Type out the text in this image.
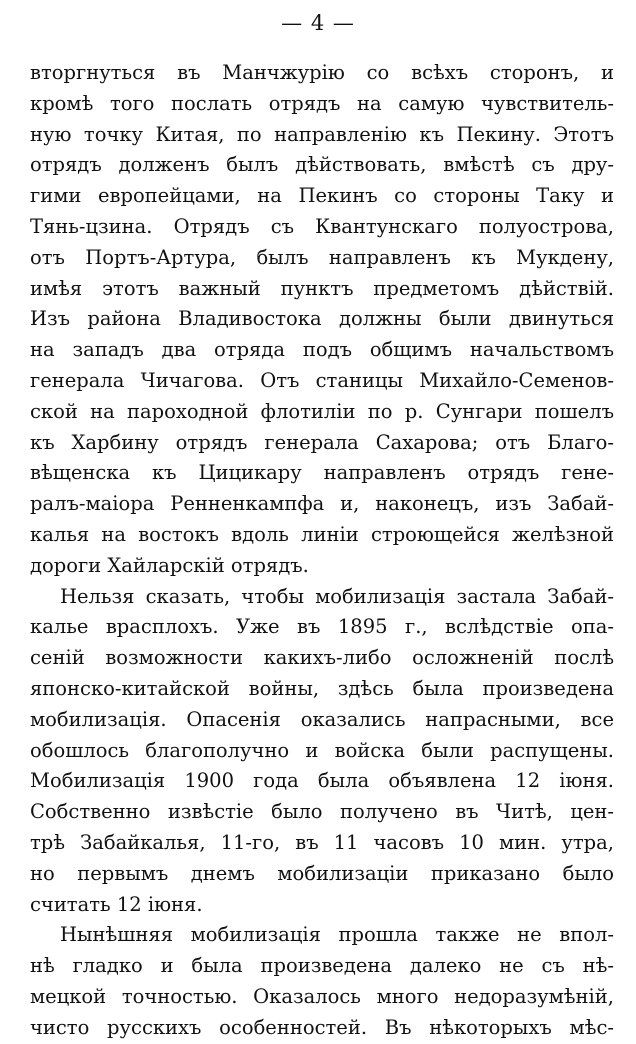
— 4 —
вторгнуться въ Манчжурію со всѣхъ сторонъ, и
кромѣ того послать отрядъ на самую чувствитель-
ную точку Китая, по направленію къ Пекину. Этотъ
отрядъ долженъ былъ дѣйствовать, вмѣстѣ съ дру-
гими европейцами, на Пекинъ со стороны Таку и
Тянь-цзина. Отрядъ съ Квантунскаго полуострова,
отъ Портъ-Артура, былъ направленъ къ Мукдену,
имѣя этотъ важный пунктъ предметомъ дѣйствій.
Изъ района Владивостока должны были двинуться
на западъ два отряда подъ общимъ начальствомъ
генерала Чичагова. Отъ станицы Михайло-Семенов-
ской на пароходной флотиліи по р. Сунгари пошелъ
къ Харбину отрядъ генерала Сахарова; отъ Благо-
вѣщенска къ Цицикару направленъ отрядъ гене-
ралъ-маіора Ренненкампфа и, наконецъ, изъ Забай-
калья на востокъ вдоль линіи строющейся желѣзной
дороги Хайларскій отрядъ.
Нельзя сказать, чтобы мобилизація застала Забай-
калье врасплохъ. Уже въ 1895 г., вслѣдствіе опа-
сеній возможности какихъ-либо осложненій послѣ
японско-китайской войны, здѣсь была произведена
мобилизація. Опасенія оказались напрасными, все
обошлось благополучно и войска были распущены.
Мобилизація 1900 года была объявлена 12 іюня.
Собственно извѣстіе было получено въ Читѣ, цен-
трѣ Забайкалья, 11-го, въ 11 часовъ 10 мин. утра,
но первымъ днемъ мобилизаціи приказано было
считать 12 іюня.
Нынѣшняя мобилизація прошла также не впол-
нѣ гладко и была произведена далеко не съ нѣ-
мецкой точностью. Оказалось много недоразумѣній,
чисто русскихъ особенностей. Въ нѣкоторыхъ мѣс-
